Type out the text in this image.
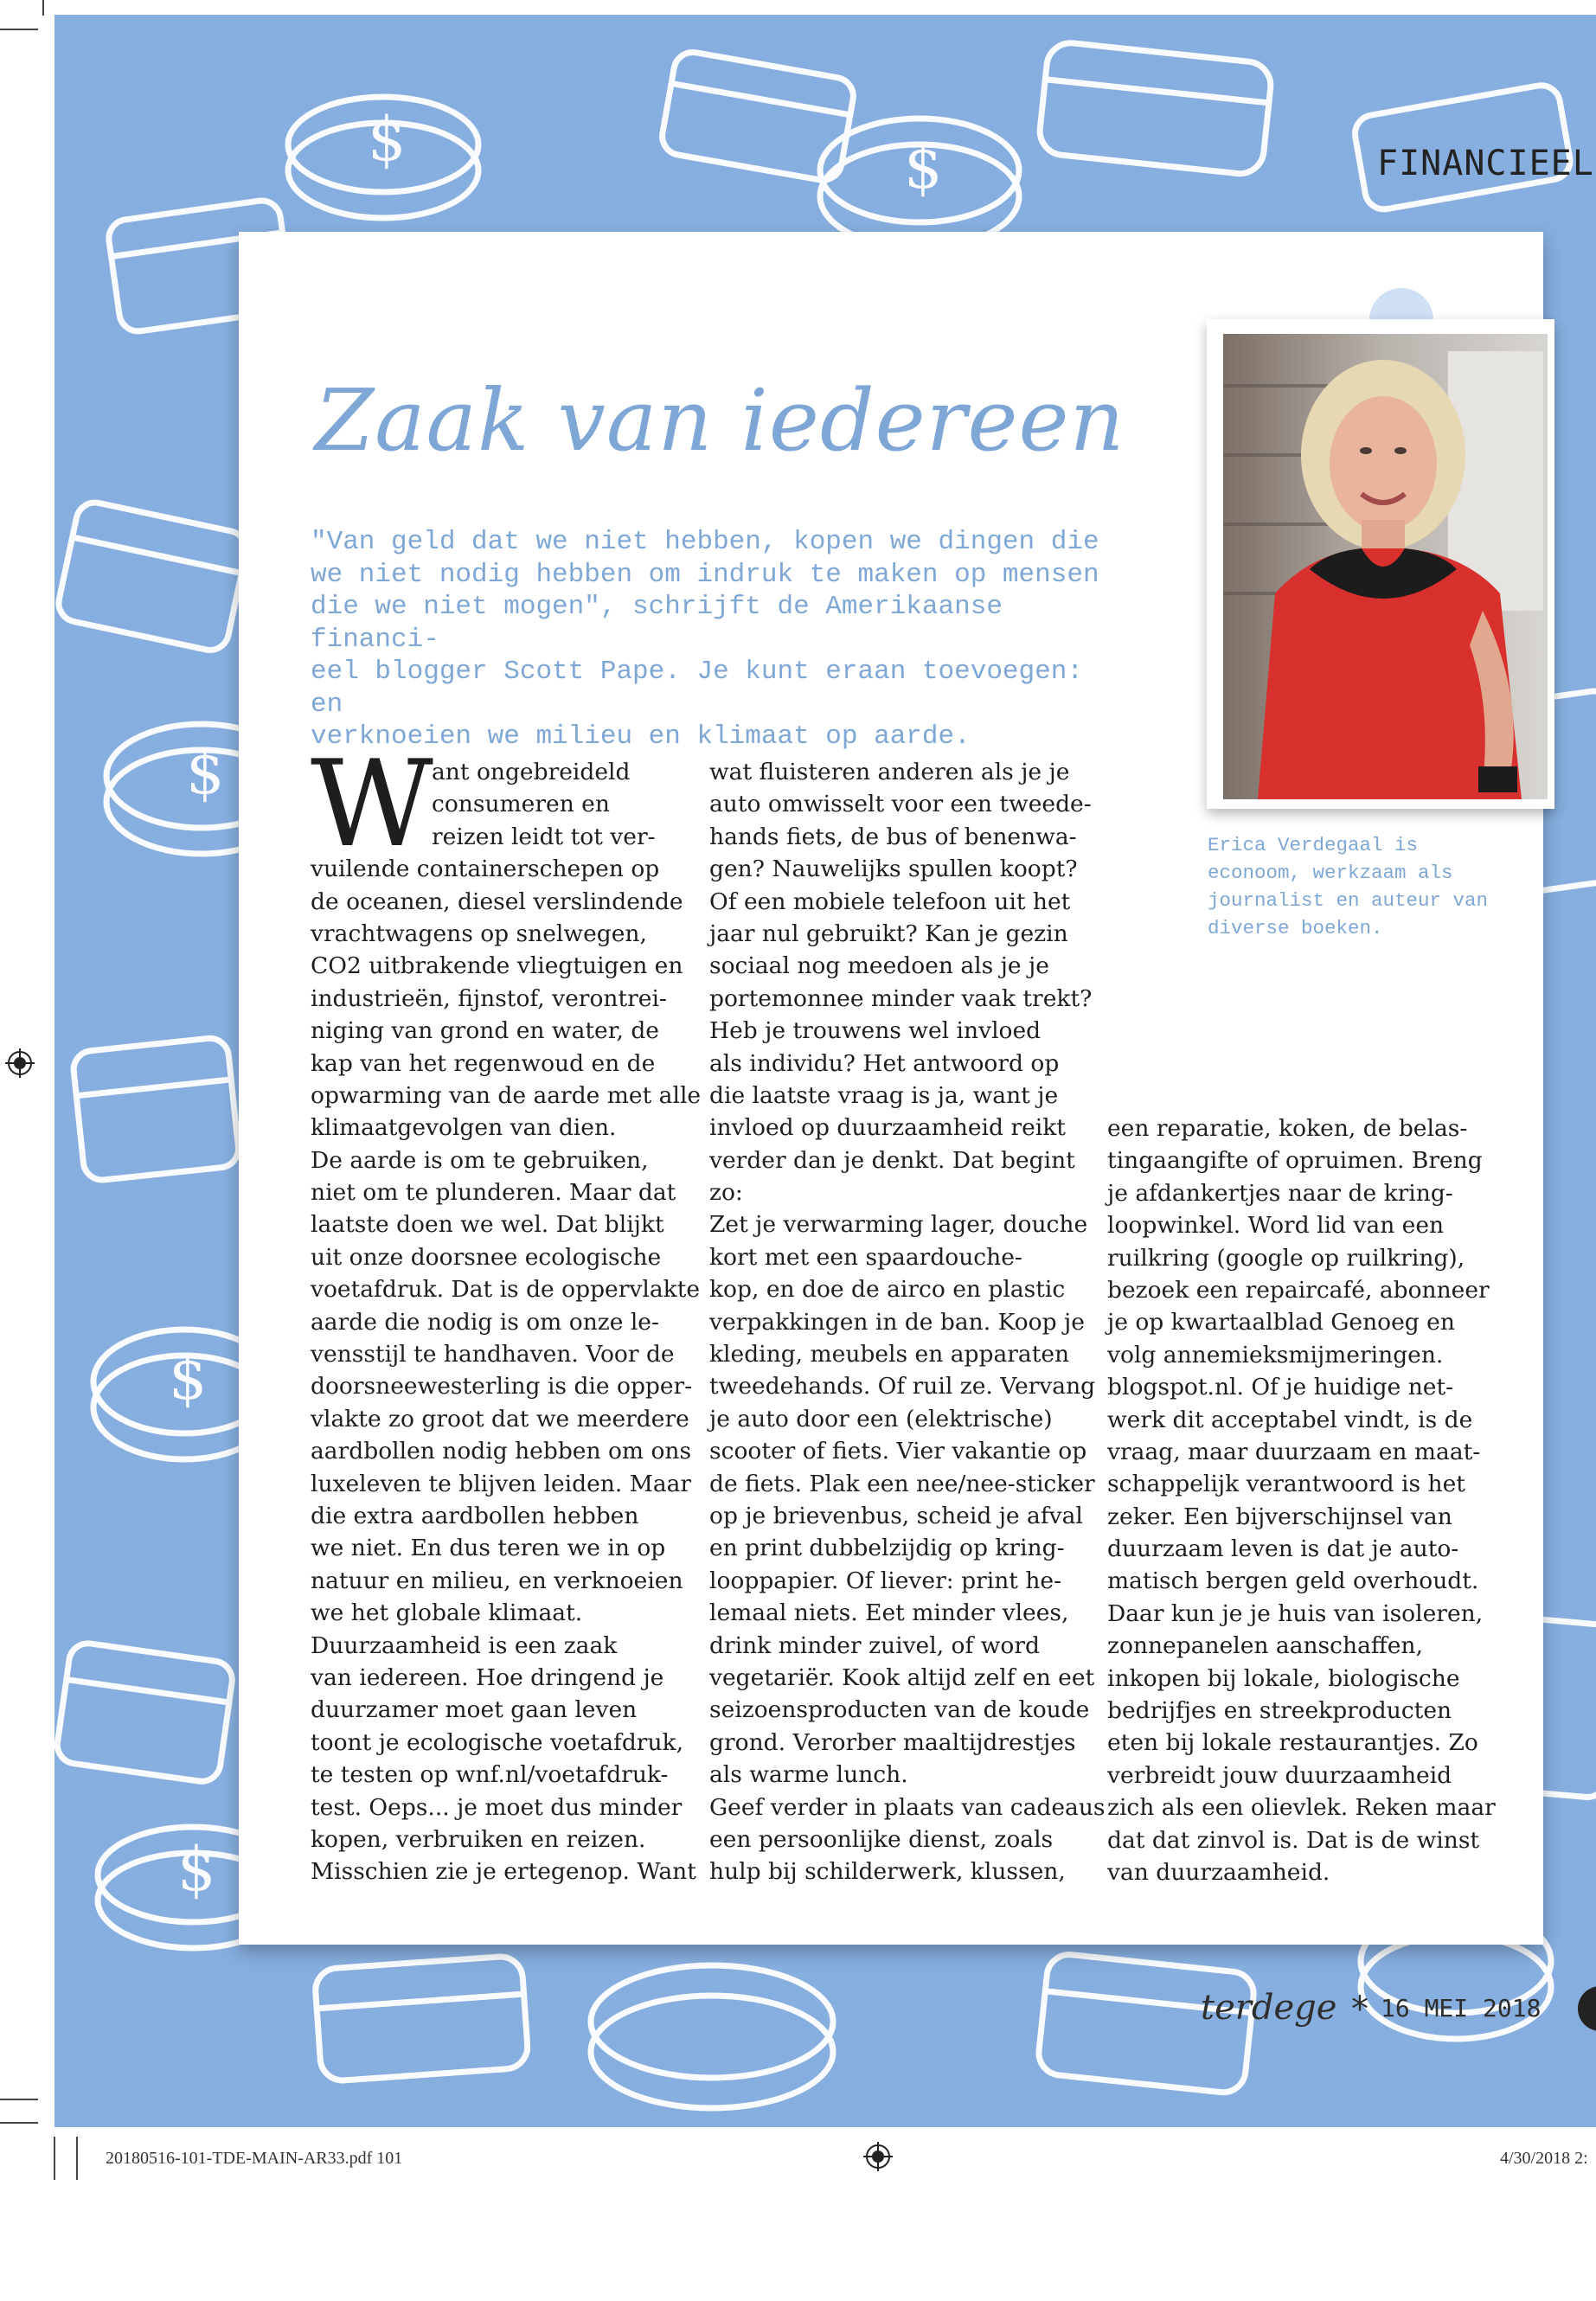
$	$
$
$
$
FINANCIEEL
Zaak van iedereen
"Van geld dat we niet hebben, kopen we dingen die
we niet nodig hebben om indruk te maken op mensen
die we niet mogen", schrijft de Amerikaanse financi-
eel blogger Scott Pape. Je kunt eraan toevoegen: en
verknoeien we milieu en klimaat op aarde.
W
ant ongebreideld
consumeren en
reizen leidt tot ver-
vuilende containerschepen op
de oceanen, diesel verslindende
vrachtwagens op snelwegen,
CO2 uitbrakende vliegtuigen en
industrieën, fijnstof, verontrei-
niging van grond en water, de
kap van het regenwoud en de
opwarming van de aarde met alle
klimaatgevolgen van dien.
De aarde is om te gebruiken,
niet om te plunderen. Maar dat
laatste doen we wel. Dat blijkt
uit onze doorsnee ecologische
voetafdruk. Dat is de oppervlakte
aarde die nodig is om onze le-
vensstijl te handhaven. Voor de
doorsneewesterling is die opper-
vlakte zo groot dat we meerdere
aardbollen nodig hebben om ons
luxeleven te blijven leiden. Maar
die extra aardbollen hebben
we niet. En dus teren we in op
natuur en milieu, en verknoeien
we het globale klimaat.
Duurzaamheid is een zaak
van iedereen. Hoe dringend je
duurzamer moet gaan leven
toont je ecologische voetafdruk,
te testen op wnf.nl/voetafdruk-
test. Oeps... je moet dus minder
kopen, verbruiken en reizen.
Misschien zie je ertegenop. Want
wat fluisteren anderen als je je
auto omwisselt voor een tweede-
hands fiets, de bus of benenwa-
gen? Nauwelijks spullen koopt?
Of een mobiele telefoon uit het
jaar nul gebruikt? Kan je gezin
sociaal nog meedoen als je je
portemonnee minder vaak trekt?
Heb je trouwens wel invloed
als individu? Het antwoord op
die laatste vraag is ja, want je
invloed op duurzaamheid reikt
verder dan je denkt. Dat begint
zo:
Zet je verwarming lager, douche
kort met een spaardouche-
kop, en doe de airco en plastic
verpakkingen in de ban. Koop je
kleding, meubels en apparaten
tweedehands. Of ruil ze. Vervang
je auto door een (elektrische)
scooter of fiets. Vier vakantie op
de fiets. Plak een nee/nee-sticker
op je brievenbus, scheid je afval
en print dubbelzijdig op kring-
looppapier. Of liever: print he-
lemaal niets. Eet minder vlees,
drink minder zuivel, of word
vegetariër. Kook altijd zelf en eet
seizoensproducten van de koude
grond. Verorber maaltijdrestjes
als warme lunch.
Geef verder in plaats van cadeaus
een persoonlijke dienst, zoals
hulp bij schilderwerk, klussen,
een reparatie, koken, de belas-
tingaangifte of opruimen. Breng
je afdankertjes naar de kring-
loopwinkel. Word lid van een
ruilkring (google op ruilkring),
bezoek een repaircafé, abonneer
je op kwartaalblad Genoeg en
volg annemieksmijmeringen.
blogspot.nl. Of je huidige net-
werk dit acceptabel vindt, is de
vraag, maar duurzaam en maat-
schappelijk verantwoord is het
zeker. Een bijverschijnsel van
duurzaam leven is dat je auto-
matisch bergen geld overhoudt.
Daar kun je je huis van isoleren,
zonnepanelen aanschaffen,
inkopen bij lokale, biologische
bedrijfjes en streekproducten
eten bij lokale restaurantjes. Zo
verbreidt jouw duurzaamheid
zich als een olievlek. Reken maar
dat dat zinvol is. Dat is de winst
van duurzaamheid.
Erica Verdegaal is
econoom, werkzaam als
journalist en auteur van
diverse boeken.
terdege * 16 MEI 2018
20180516-101-TDE-MAIN-AR33.pdf 101	4/30/2018 2:
